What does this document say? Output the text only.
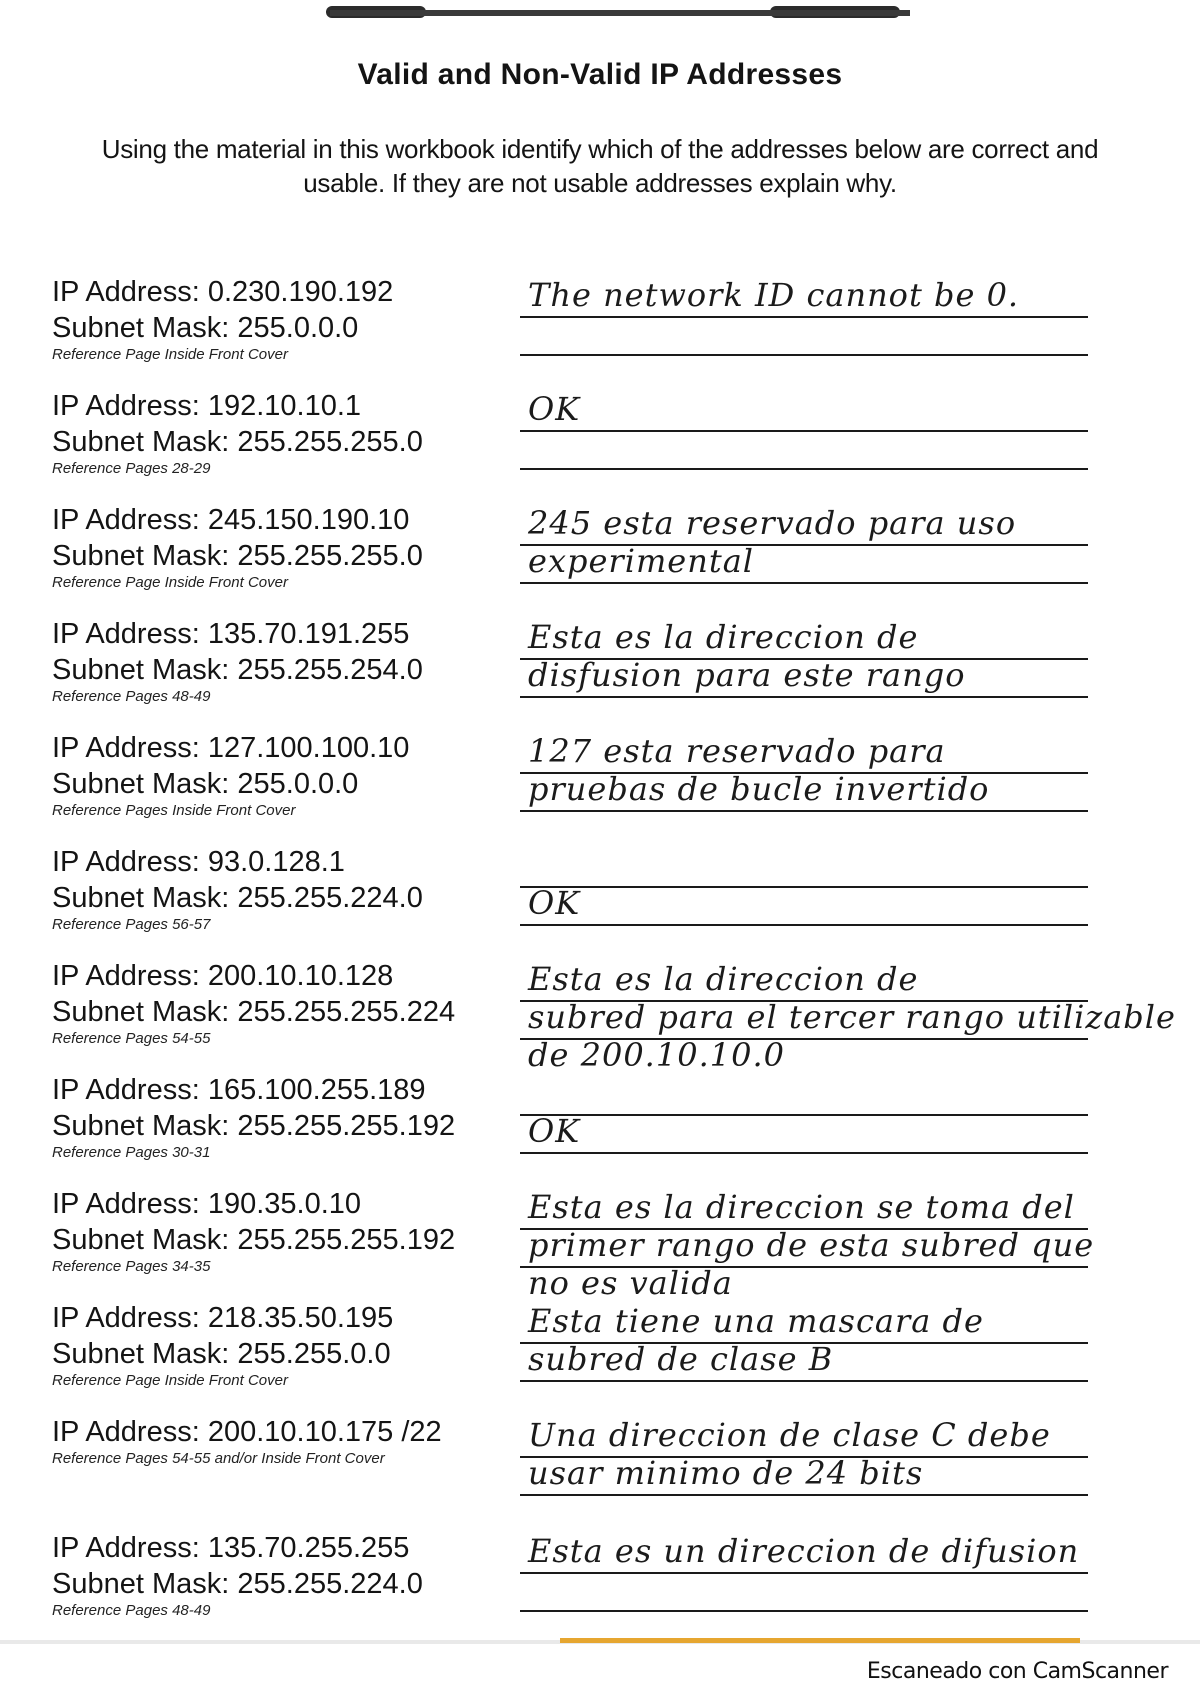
Valid and Non-Valid IP Addresses
Using the material in this workbook identify which of the addresses below are correct and usable. If they are not usable addresses explain why.
IP Address: 0.230.190.192
Subnet Mask: 255.0.0.0
Reference Page Inside Front Cover
The network ID cannot be 0.
IP Address: 192.10.10.1
Subnet Mask: 255.255.255.0
Reference Pages 28-29
OK
IP Address: 245.150.190.10
Subnet Mask: 255.255.255.0
Reference Page Inside Front Cover
245 esta reservado para uso
experimental
IP Address: 135.70.191.255
Subnet Mask: 255.255.254.0
Reference Pages 48-49
Esta es la direccion de
disfusion para este rango
IP Address: 127.100.100.10
Subnet Mask: 255.0.0.0
Reference Pages Inside Front Cover
127 esta reservado para
pruebas de bucle invertido
IP Address: 93.0.128.1
Subnet Mask: 255.255.224.0
Reference Pages 56-57
OK
IP Address: 200.10.10.128
Subnet Mask: 255.255.255.224
Reference Pages 54-55
Esta es la direccion de
subred para el tercer rango utilizable
de 200.10.10.0
IP Address: 165.100.255.189
Subnet Mask: 255.255.255.192
Reference Pages 30-31
OK
IP Address: 190.35.0.10
Subnet Mask: 255.255.255.192
Reference Pages 34-35
Esta es la direccion se toma del
primer rango de esta subred que
no es valida
IP Address: 218.35.50.195
Subnet Mask: 255.255.0.0
Reference Page Inside Front Cover
Esta tiene una mascara de
subred de clase B
IP Address: 200.10.10.175 /22
Reference Pages 54-55 and/or Inside Front Cover
Una direccion de clase C debe
usar minimo de 24 bits
IP Address: 135.70.255.255
Subnet Mask: 255.255.224.0
Reference Pages 48-49
Esta es un direccion de difusion
Escaneado con CamScanner
